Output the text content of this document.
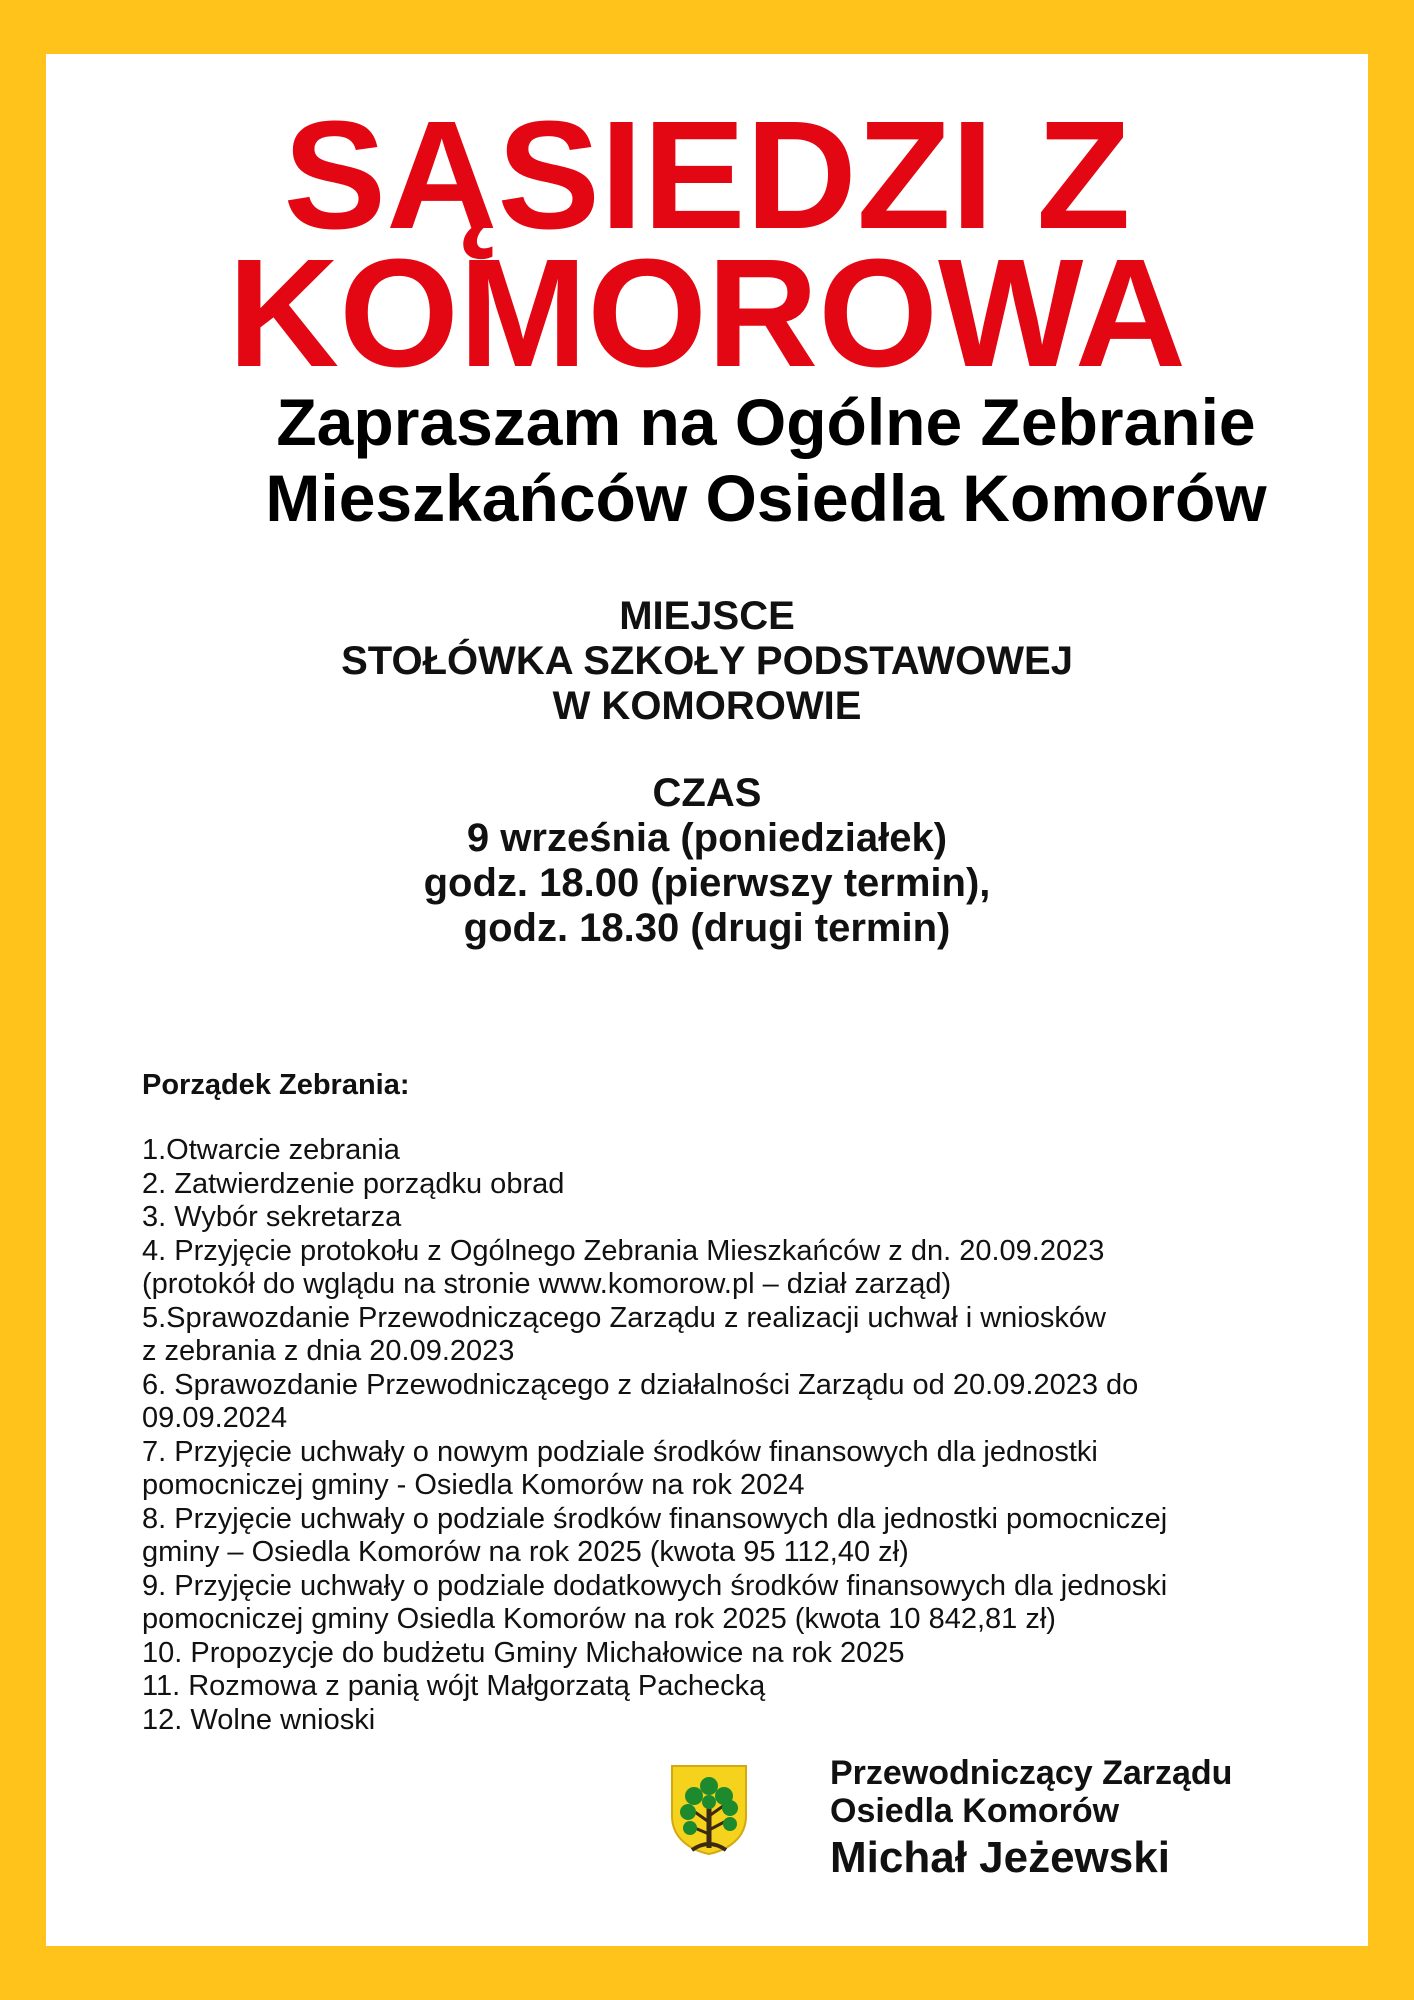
SĄSIEDZI Z
KOMOROWA
Zapraszam na Ogólne Zebranie
Mieszkańców Osiedla Komorów
MIEJSCE
STOŁÓWKA SZKOŁY PODSTAWOWEJ
W KOMOROWIE
CZAS
9 września (poniedziałek)
godz. 18.00 (pierwszy termin),
godz. 18.30 (drugi termin)

Porządek Zebrania:

1.Otwarcie zebrania
2. Zatwierdzenie porządku obrad
3. Wybór sekretarza
4. Przyjęcie protokołu z Ogólnego Zebrania Mieszkańców z dn. 20.09.2023
(protokół do wglądu na stronie www.komorow.pl – dział zarząd)
5.Sprawozdanie Przewodniczącego Zarządu z realizacji uchwał i wniosków
z zebrania z dnia 20.09.2023
6. Sprawozdanie Przewodniczącego z działalności Zarządu od 20.09.2023 do
09.09.2024
7. Przyjęcie uchwały o nowym podziale środków finansowych dla jednostki
pomocniczej gminy - Osiedla Komorów na rok 2024
8. Przyjęcie uchwały o podziale środków finansowych dla jednostki pomocniczej
gminy – Osiedla Komorów na rok 2025 (kwota 95 112,40 zł)
9. Przyjęcie uchwały o podziale dodatkowych środków finansowych dla jednoski
pomocniczej gminy Osiedla Komorów na rok 2025 (kwota 10 842,81 zł)
10. Propozycje do budżetu Gminy Michałowice na rok 2025
11. Rozmowa z panią wójt Małgorzatą Pachecką
12. Wolne wnioski
Przewodniczący Zarządu
Osiedla Komorów
Michał Jeżewski
